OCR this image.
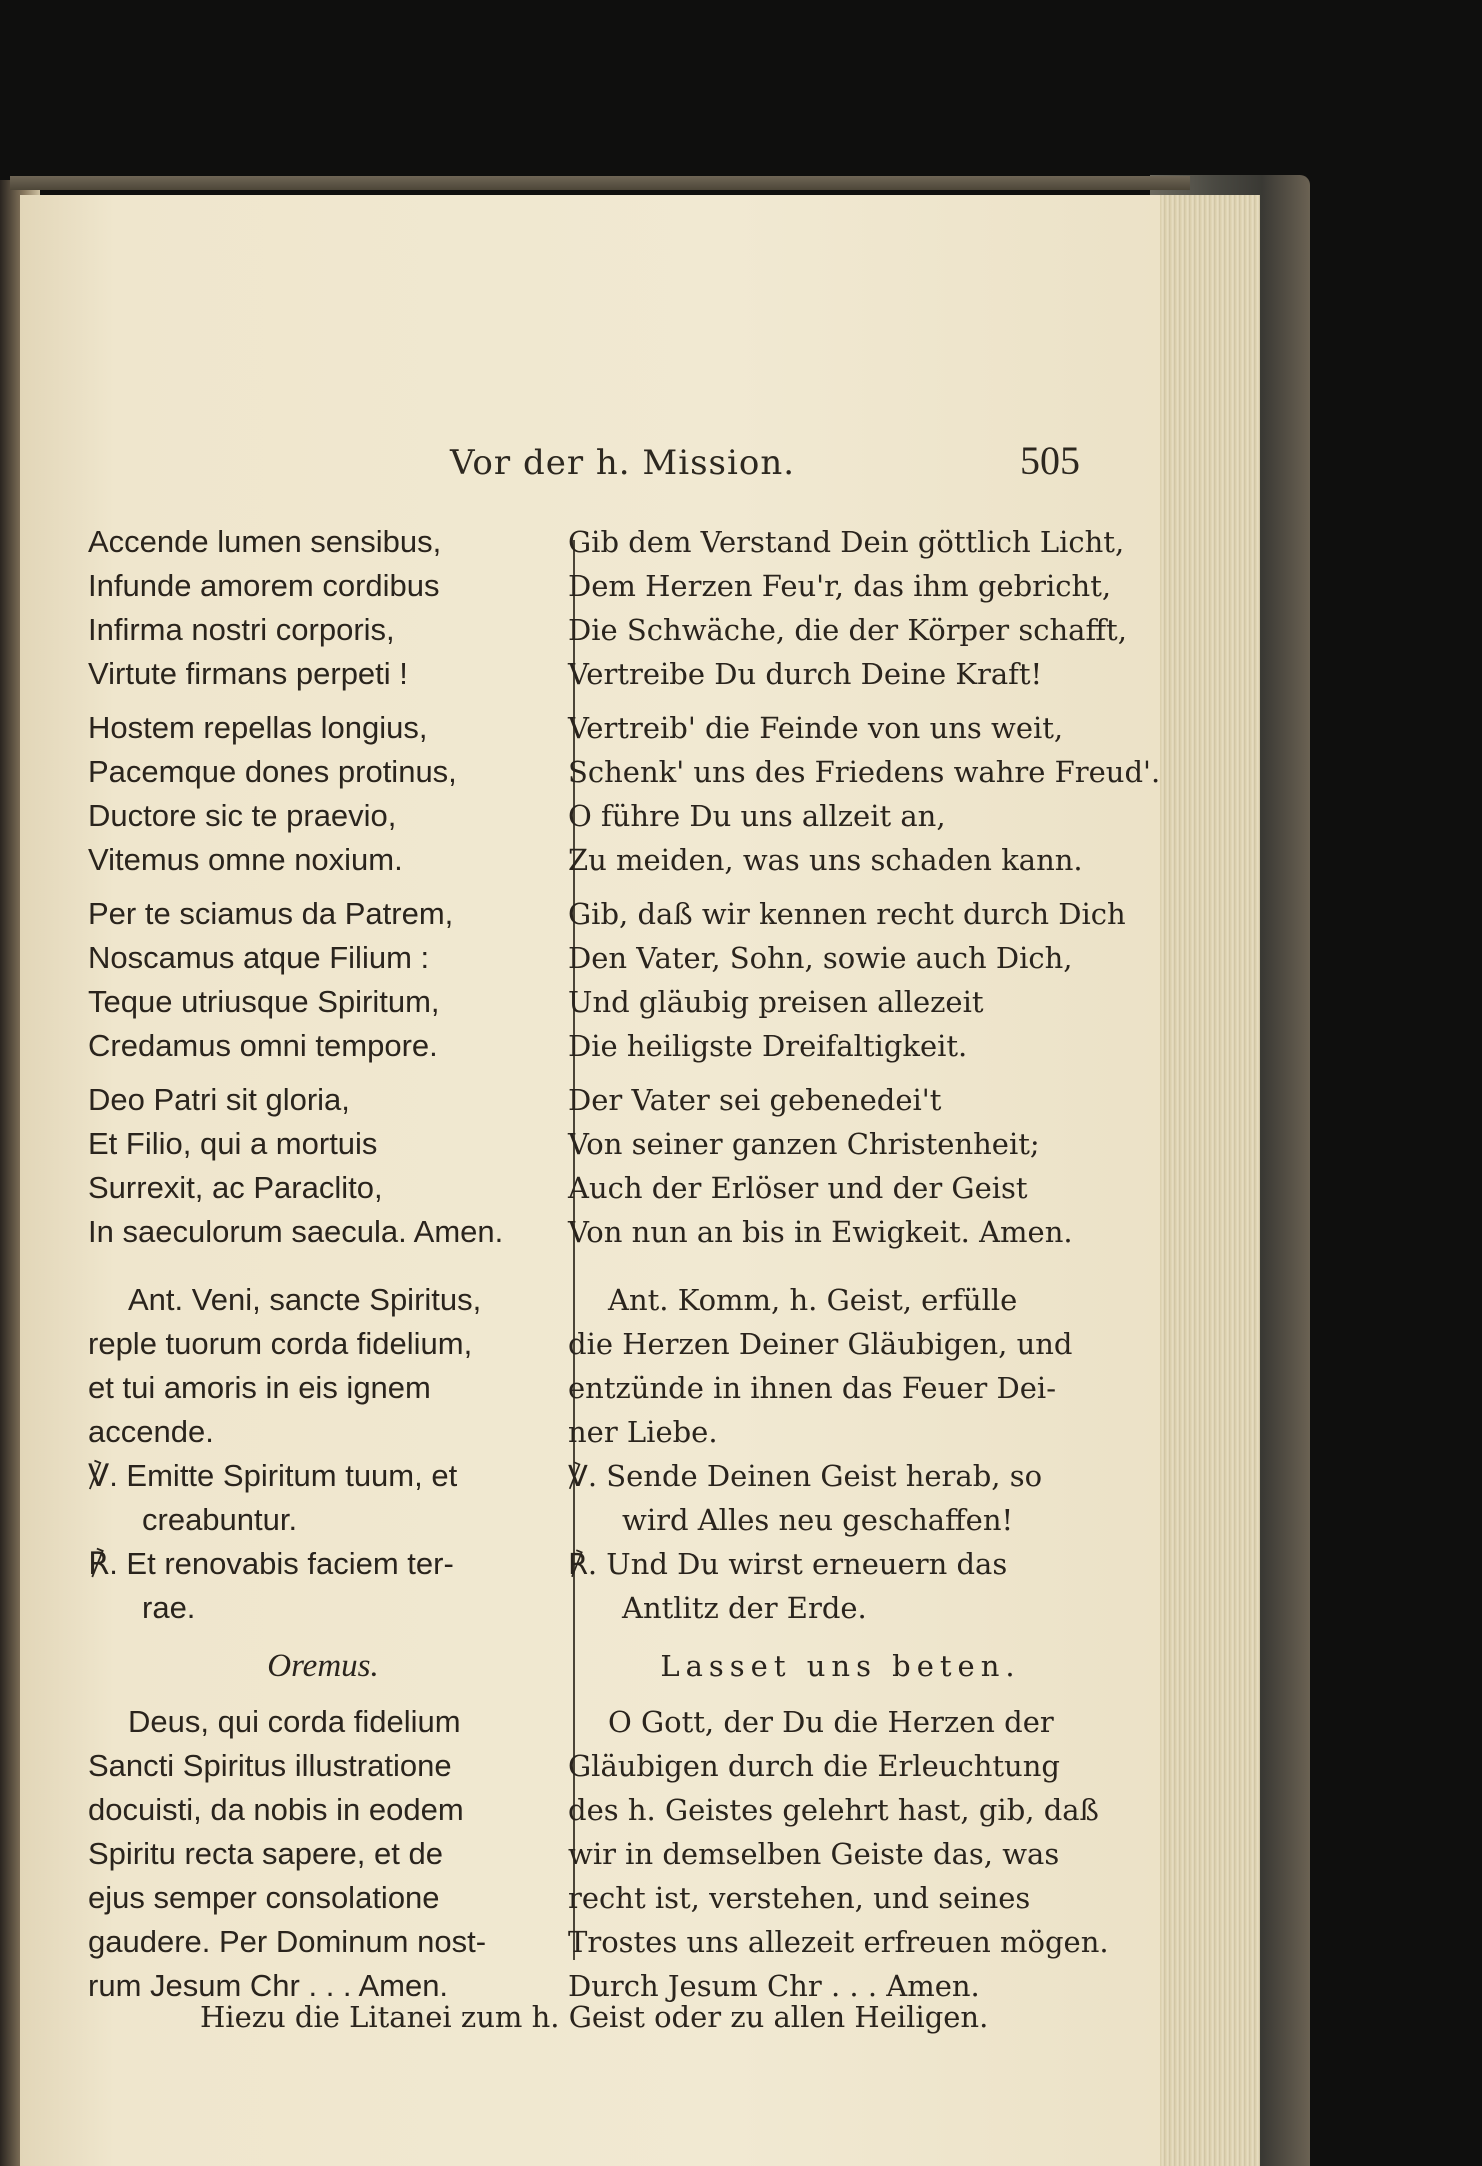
Vor der h. Mission.	505
Accende lumen sensibus,
Infunde amorem cordibus
Infirma nostri corporis,
Virtute firmans perpeti !
Hostem repellas longius,
Pacemque dones protinus,
Ductore sic te praevio,
Vitemus omne noxium.
Per te sciamus da Patrem,
Noscamus atque Filium :
Teque utriusque Spiritum,
Credamus omni tempore.
Deo Patri sit gloria,
Et Filio, qui a mortuis
Surrexit, ac Paraclito,
In saeculorum saecula. Amen.
Ant. Veni, sancte Spiritus,
reple tuorum corda fidelium,
et tui amoris in eis ignem
accende.
℣. Emitte Spiritum tuum, et
creabuntur.
℟. Et renovabis faciem ter-
rae.
Oremus.
Deus, qui corda fidelium
Sancti Spiritus illustratione
docuisti, da nobis in eodem
Spiritu recta sapere, et de
ejus semper consolatione
gaudere. Per Dominum nost-
rum Jesum Chr . . . Amen.
Gib dem Verstand Dein göttlich Licht,
Dem Herzen Feu'r, das ihm gebricht,
Die Schwäche, die der Körper schafft,
Vertreibe Du durch Deine Kraft!
Vertreib' die Feinde von uns weit,
Schenk' uns des Friedens wahre Freud'.
O führe Du uns allzeit an,
Zu meiden, was uns schaden kann.
Gib, daß wir kennen recht durch Dich
Den Vater, Sohn, sowie auch Dich,
Und gläubig preisen allezeit
Die heiligste Dreifaltigkeit.
Der Vater sei gebenedei't
Von seiner ganzen Christenheit;
Auch der Erlöser und der Geist
Von nun an bis in Ewigkeit. Amen.
Ant. Komm, h. Geist, erfülle
die Herzen Deiner Gläubigen, und
entzünde in ihnen das Feuer Dei-
ner Liebe.
℣. Sende Deinen Geist herab, so
wird Alles neu geschaffen!
℟. Und Du wirst erneuern das
Antlitz der Erde.
Lasset uns beten.
O Gott, der Du die Herzen der
Gläubigen durch die Erleuchtung
des h. Geistes gelehrt hast, gib, daß
wir in demselben Geiste das, was
recht ist, verstehen, und seines
Trostes uns allezeit erfreuen mögen.
Durch Jesum Chr . . . Amen.
Hiezu die Litanei zum h. Geist oder zu allen Heiligen.
